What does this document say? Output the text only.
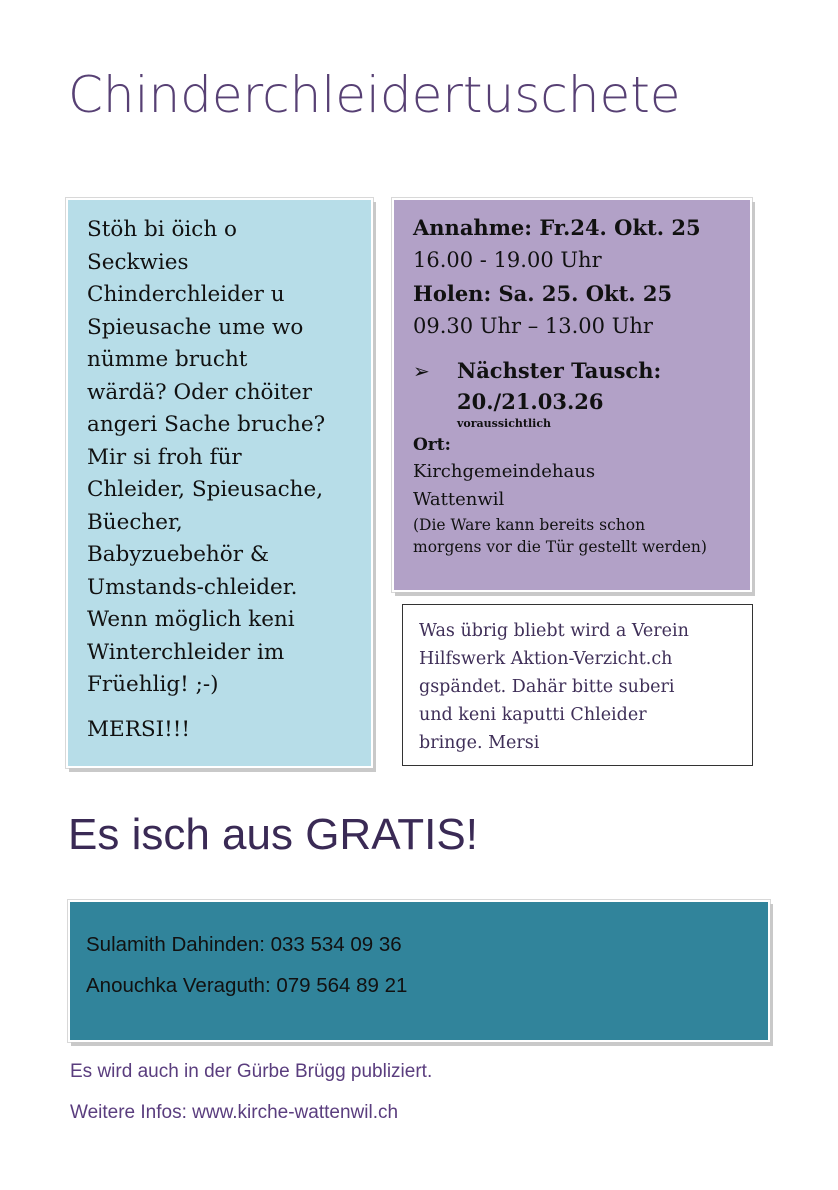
Chinderchleidertuschete
Stöh bi öich o
Seckwies
Chinderchleider u
Spieusache ume wo
nümme brucht
wärdä? Oder chöiter
angeri Sache bruche?
Mir si froh für
Chleider, Spieusache,
Büecher,
Babyzuebehör &
Umstands-chleider.
Wenn möglich keni
Winterchleider im
Früehlig! ;-)
MERSI!!!
Annahme: Fr.24. Okt. 25
16.00 - 19.00 Uhr
Holen: Sa. 25. Okt. 25
09.30 Uhr – 13.00 Uhr
➢ Nächster Tausch:
20./21.03.26
voraussichtlich
Ort:
Kirchgemeindehaus
Wattenwil
(Die Ware kann bereits schon
morgens vor die Tür gestellt werden)
Was übrig bliebt wird a Verein
Hilfswerk Aktion-Verzicht.ch
gspändet. Dahär bitte suberi
und keni kaputti Chleider
bringe. Mersi
Es isch aus GRATIS!
Sulamith Dahinden: 033 534 09 36
Anouchka Veraguth: 079 564 89 21
Es wird auch in der Gürbe Brügg publiziert.
Weitere Infos: www.kirche-wattenwil.ch
